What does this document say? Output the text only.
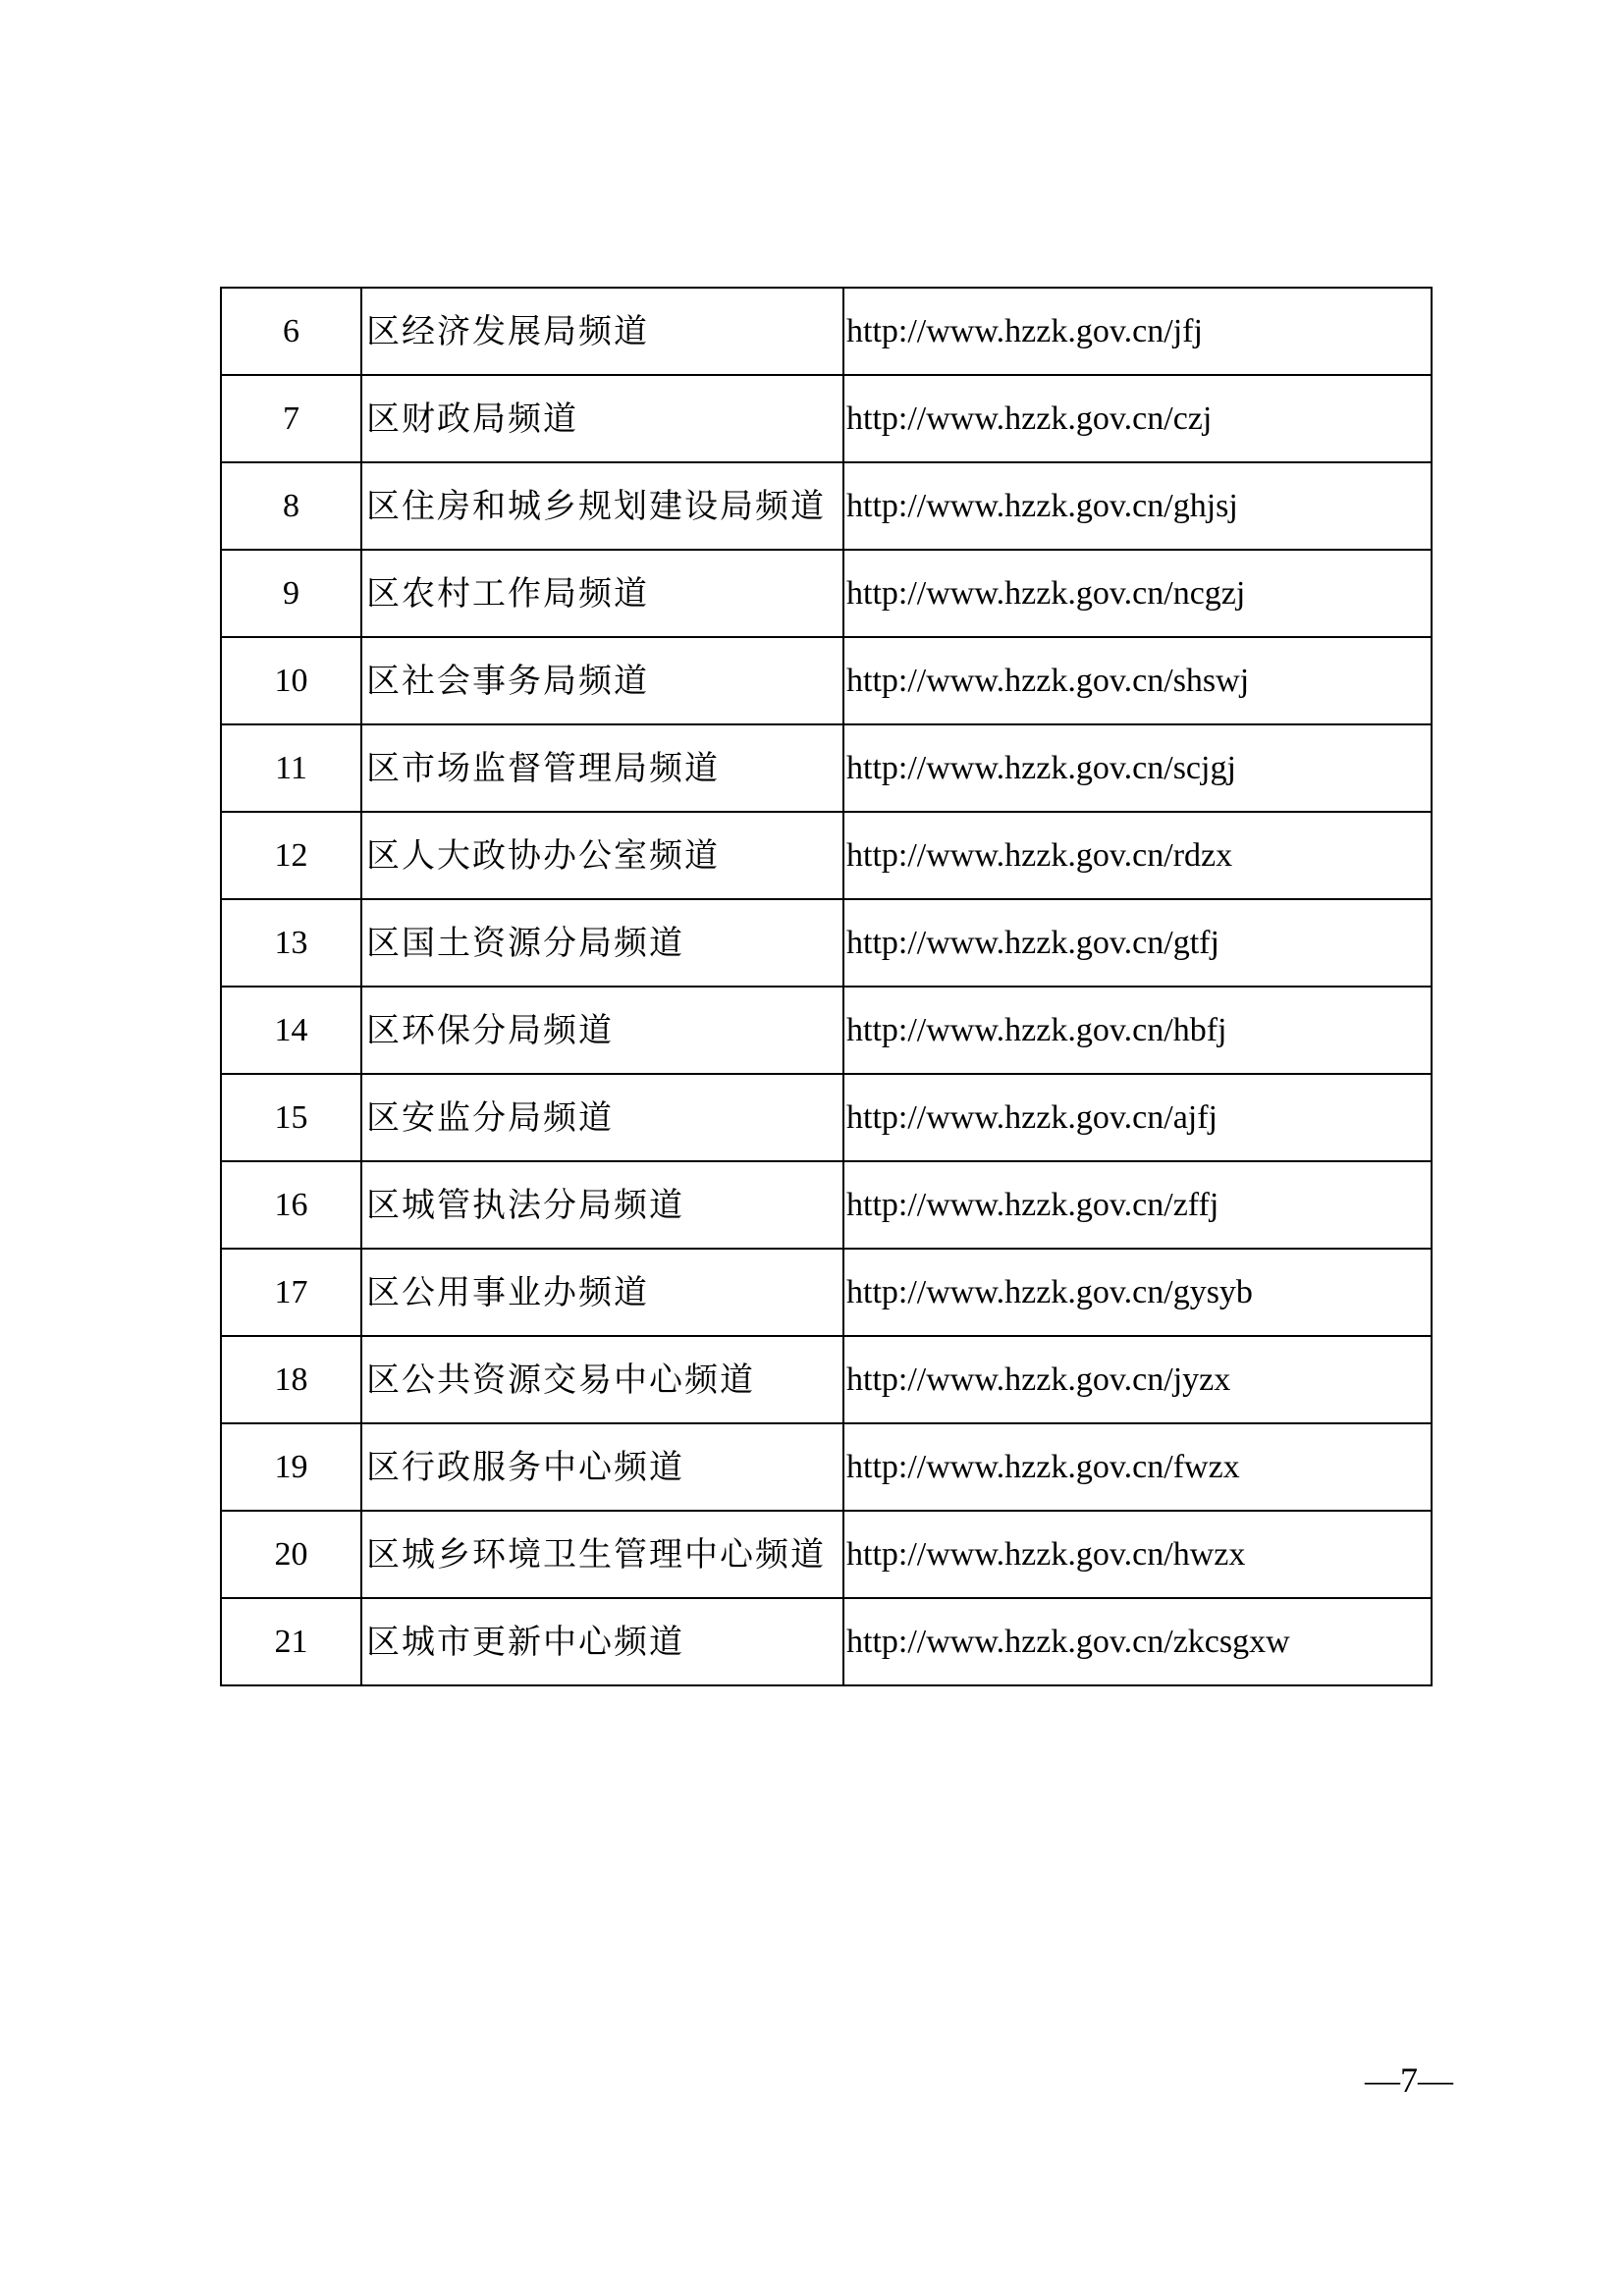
6	区经济发展局频道	http://www.hzzk.gov.cn/jfj
7	区财政局频道	http://www.hzzk.gov.cn/czj
8	区住房和城乡规划建设局频道	http://www.hzzk.gov.cn/ghjsj
9	区农村工作局频道	http://www.hzzk.gov.cn/ncgzj
10	区社会事务局频道	http://www.hzzk.gov.cn/shswj
11	区市场监督管理局频道	http://www.hzzk.gov.cn/scjgj
12	区人大政协办公室频道	http://www.hzzk.gov.cn/rdzx
13	区国土资源分局频道	http://www.hzzk.gov.cn/gtfj
14	区环保分局频道	http://www.hzzk.gov.cn/hbfj
15	区安监分局频道	http://www.hzzk.gov.cn/ajfj
16	区城管执法分局频道	http://www.hzzk.gov.cn/zffj
17	区公用事业办频道	http://www.hzzk.gov.cn/gysyb
18	区公共资源交易中心频道	http://www.hzzk.gov.cn/jyzx
19	区行政服务中心频道	http://www.hzzk.gov.cn/fwzx
20	区城乡环境卫生管理中心频道	http://www.hzzk.gov.cn/hwzx
21	区城市更新中心频道	http://www.hzzk.gov.cn/zkcsgxw
—7—
